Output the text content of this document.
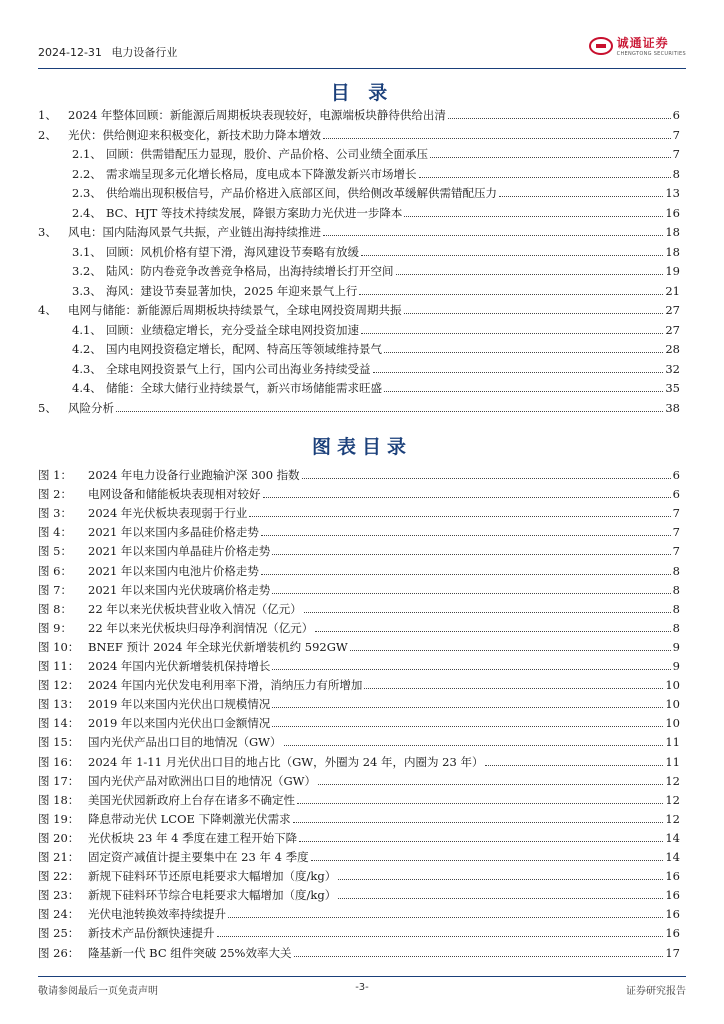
2024-12-31 电力设备行业
诚通证券
CHENGTONG SECURITIES
目 录
1、 2024 年整体回顾：新能源后周期板块表现较好，电源端板块静待供给出清	6
2、 光伏：供给侧迎来积极变化，新技术助力降本增效	7
2.1、 回顾：供需错配压力显现，股价、产品价格、公司业绩全面承压	7
2.2、 需求端呈现多元化增长格局，度电成本下降激发新兴市场增长	8
2.3、 供给端出现积极信号，产品价格进入底部区间，供给侧改革缓解供需错配压力	13
2.4、 BC、HJT 等技术持续发展，降银方案助力光伏进一步降本	16
3、 风电：国内陆海风景气共振，产业链出海持续推进	18
3.1、 回顾：风机价格有望下滑，海风建设节奏略有放缓	18
3.2、 陆风：防内卷竞争改善竞争格局，出海持续增长打开空间	19
3.3、 海风：建设节奏显著加快，2025 年迎来景气上行	21
4、 电网与储能：新能源后周期板块持续景气，全球电网投资周期共振	27
4.1、 回顾：业绩稳定增长，充分受益全球电网投资加速	27
4.2、 国内电网投资稳定增长，配网、特高压等领域维持景气	28
4.3、 全球电网投资景气上行，国内公司出海业务持续受益	32
4.4、 储能：全球大储行业持续景气，新兴市场储能需求旺盛	35
5、 风险分析	38
图表目录
图 1：	2024 年电力设备行业跑输沪深 300 指数	6
图 2：	电网设备和储能板块表现相对较好	6
图 3：	2024 年光伏板块表现弱于行业	7
图 4：	2021 年以来国内多晶硅价格走势	7
图 5：	2021 年以来国内单晶硅片价格走势	7
图 6：	2021 年以来国内电池片价格走势	8
图 7：	2021 年以来国内光伏玻璃价格走势	8
图 8：	22 年以来光伏板块营业收入情况（亿元）	8
图 9：	22 年以来光伏板块归母净利润情况（亿元）	8
图 10： BNEF 预计 2024 年全球光伏新增装机约 592GW	9
图 11： 2024 年国内光伏新增装机保持增长	9
图 12： 2024 年国内光伏发电利用率下滑，消纳压力有所增加	10
图 13： 2019 年以来国内光伏出口规模情况	10
图 14： 2019 年以来国内光伏出口金额情况	10
图 15： 国内光伏产品出口目的地情况（GW）	11
图 16： 2024 年 1-11 月光伏出口目的地占比（GW，外圈为 24 年，内圈为 23 年）	11
图 17： 国内光伏产品对欧洲出口目的地情况（GW）	12
图 18： 美国光伏园新政府上台存在诸多不确定性	12
图 19： 降息带动光伏 LCOE 下降刺激光伏需求	12
图 20： 光伏板块 23 年 4 季度在建工程开始下降	14
图 21： 固定资产减值计提主要集中在 23 年 4 季度	14
图 22： 新规下硅料环节还原电耗要求大幅增加（度/kg）	16
图 23： 新规下硅料环节综合电耗要求大幅增加（度/kg）	16
图 24： 光伏电池转换效率持续提升	16
图 25： 新技术产品份额快速提升	16
图 26： 隆基新一代 BC 组件突破 25%效率大关	17
敬请参阅最后一页免责声明	-3-	证券研究报告
